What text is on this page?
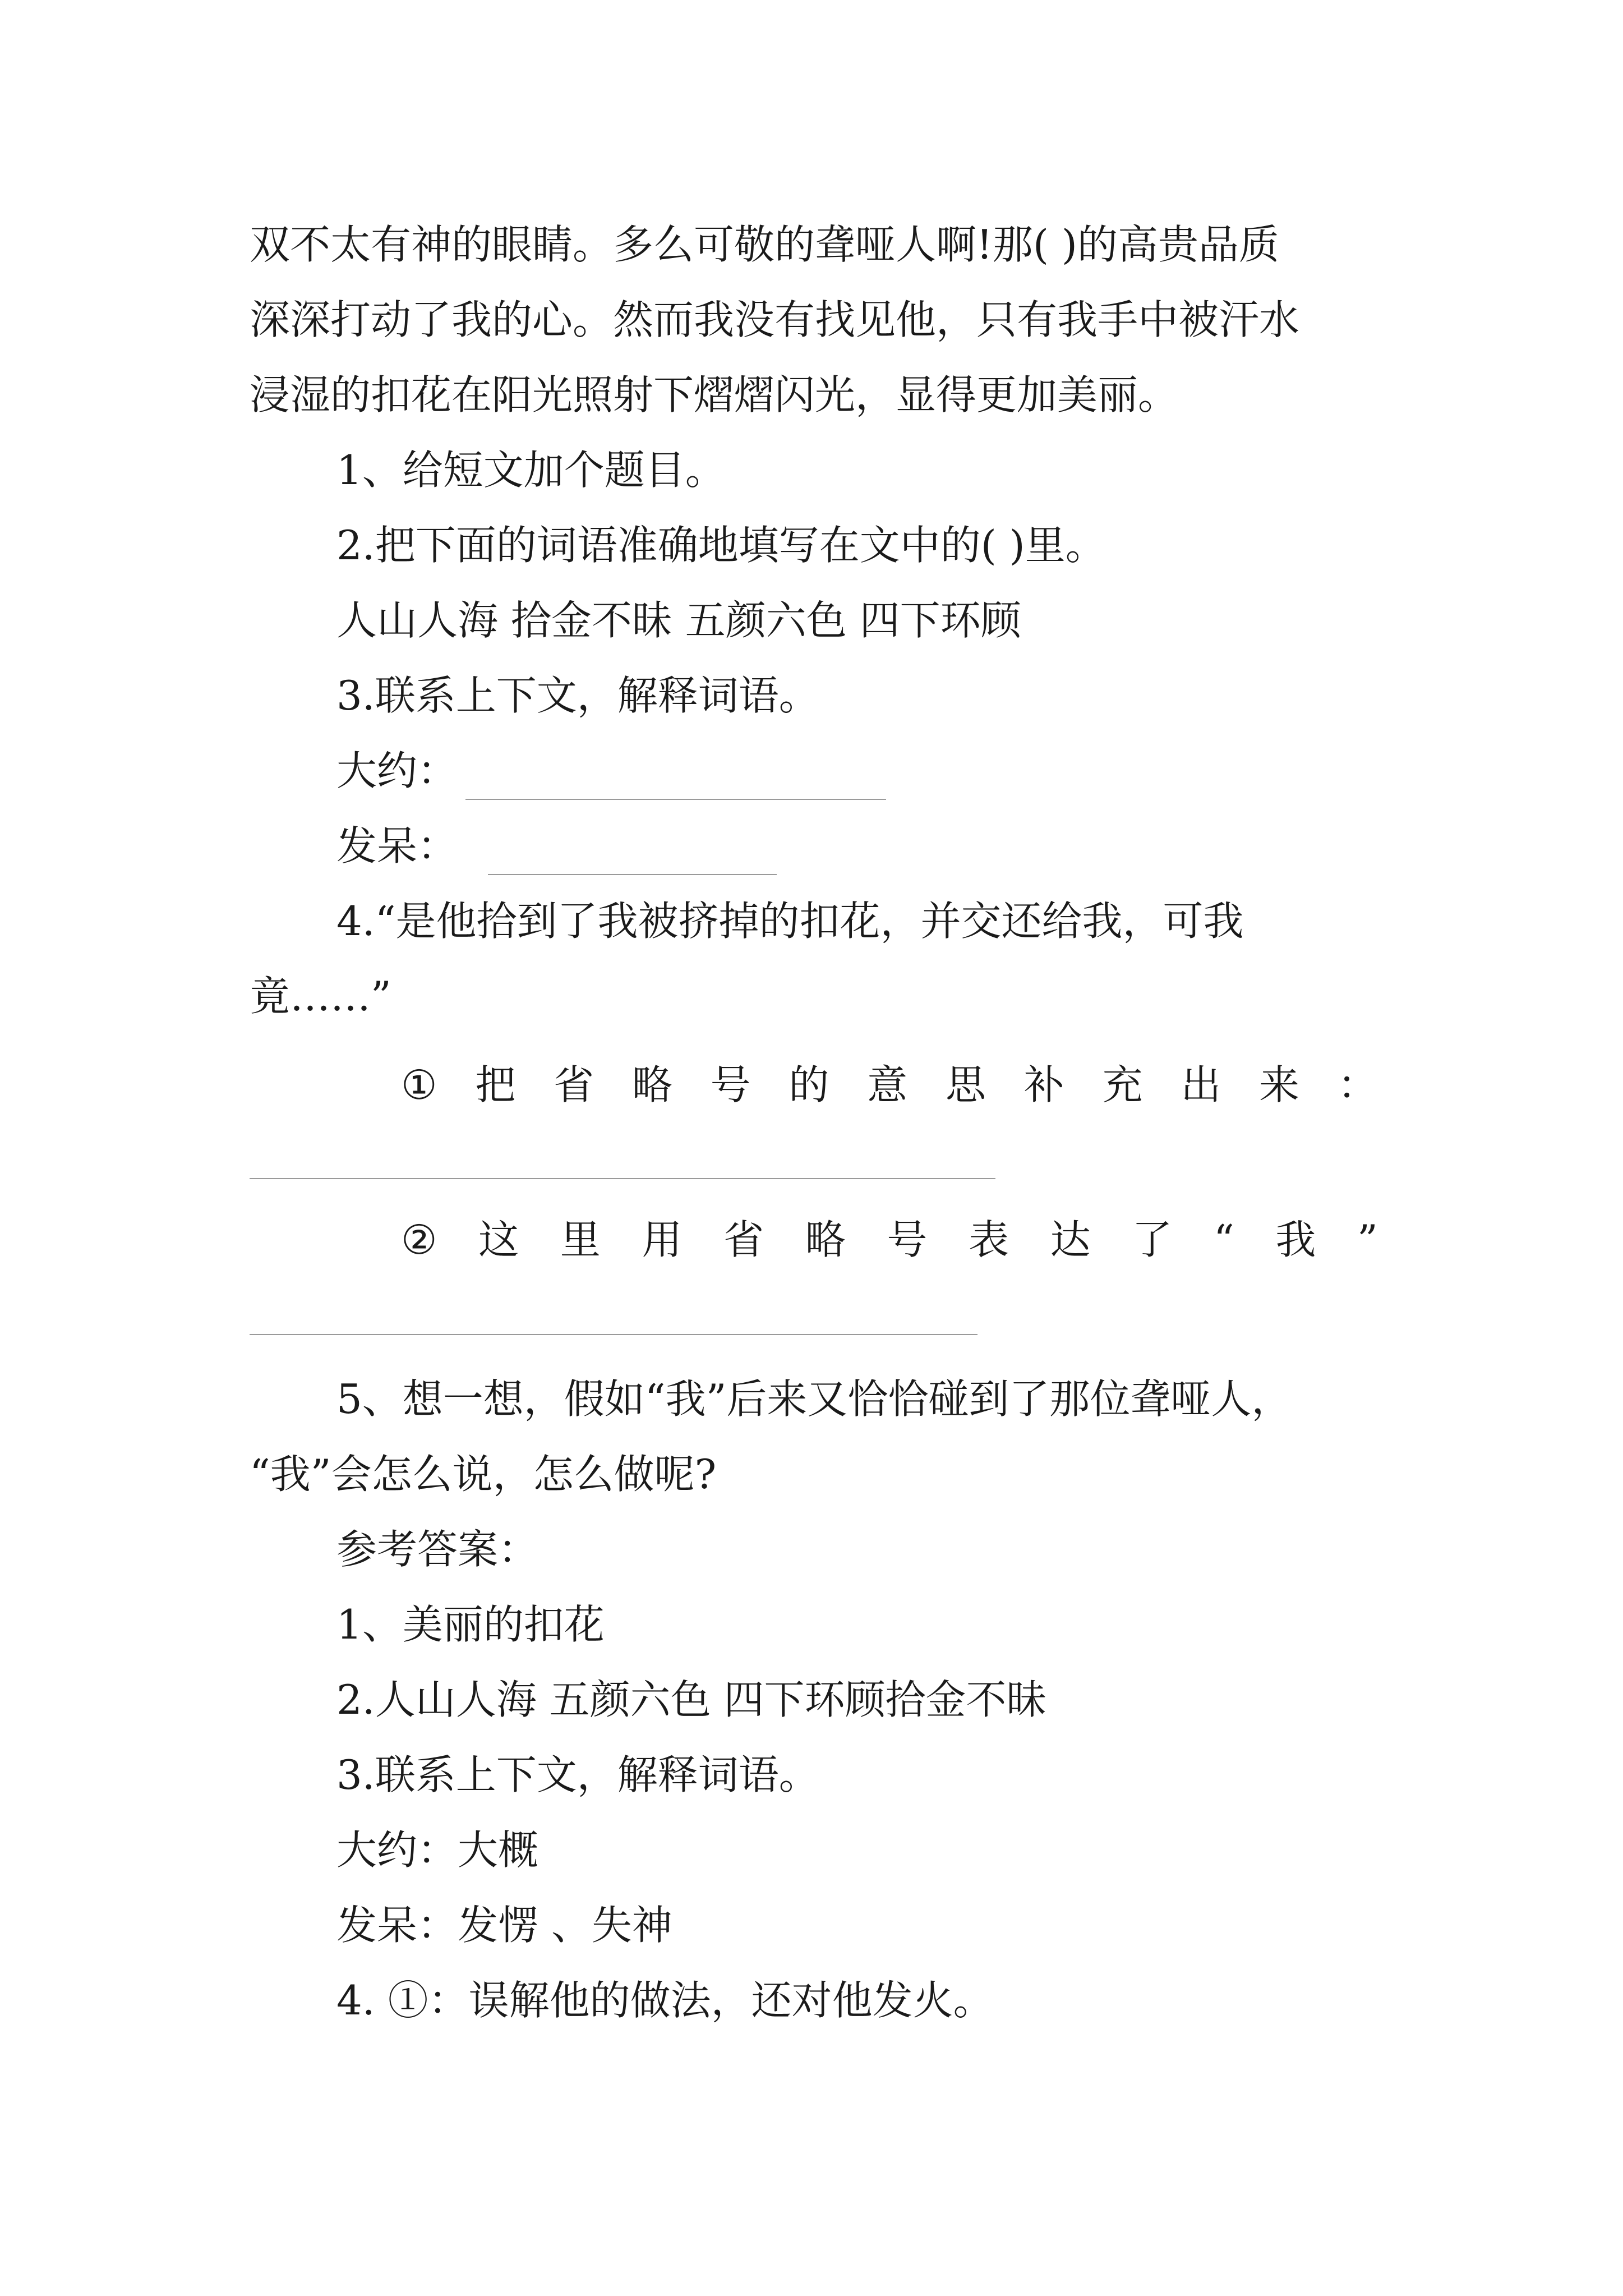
双不太有神的眼睛。多么可敬的聋哑人啊!那( )的高贵品质
深深打动了我的心。然而我没有找见他，只有我手中被汗水
浸湿的扣花在阳光照射下熠熠闪光，显得更加美丽。
1、给短文加个题目。
2.把下面的词语准确地填写在文中的( )里。
人山人海 拾金不昧 五颜六色 四下环顾
3.联系上下文，解释词语。
大约：
发呆：
4.“是他拾到了我被挤掉的扣花，并交还给我，可我
竟……”
① 把 省 略 号 的 意 思 补 充 出 来 ：
② 这 里 用 省 略 号 表 达 了 “ 我 ”
5、想一想，假如“我”后来又恰恰碰到了那位聋哑人，
“我”会怎么说，怎么做呢?
参考答案：
1、美丽的扣花
2.人山人海 五颜六色 四下环顾拾金不昧
3.联系上下文，解释词语。
大约：大概
发呆：发愣 、失神
4. ①：误解他的做法，还对他发火。
